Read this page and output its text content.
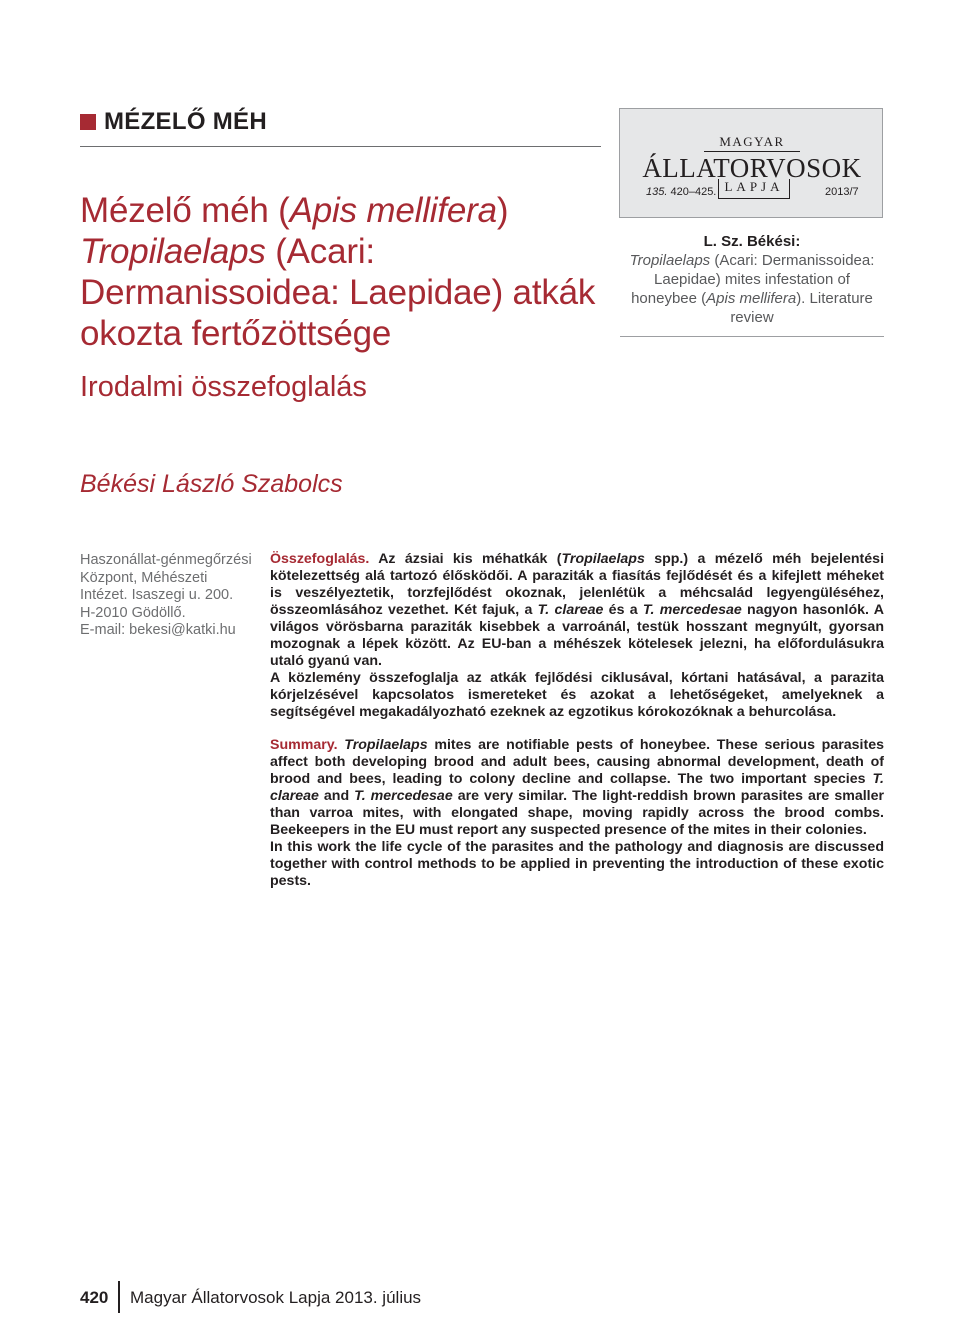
MÉZELŐ MÉH
Mézelő méh (Apis mellifera) Tropilaelaps (Acari: Dermanissoidea: Laepidae) atkák okozta fertőzöttsége
Irodalmi összefoglalás
Békési László Szabolcs
MAGYAR
ÁLLATORVOSOK
LAPJA
135. 420–425.	2013/7
L. Sz. Békési:
Tropilaelaps (Acari: Dermanissoidea: Laepidae) mites infestation of honeybee (Apis mellifera). Literature review
Haszonállat-génmegőrzési
Központ, Méhészeti
Intézet. Isaszegi u. 200.
H-2010 Gödöllő.
E-mail: bekesi@katki.hu

Összefoglalás. Az ázsiai kis méhatkák (Tropilaelaps spp.) a mézelő méh bejelentési kötelezettség alá tartozó élősködői. A paraziták a fiasítás fejlődését és a kifejlett méheket is veszélyeztetik, torzfejlődést okoznak, jelenlétük a méhcsalád legyengüléséhez, összeomlásához vezethet. Két fajuk, a T. clareae és a T. mercedesae nagyon hasonlók. A világos vörösbarna paraziták kisebbek a varroánál, testük hosszant megnyúlt, gyorsan mozognak a lépek között. Az EU-ban a méhészek kötelesek jelezni, ha előfordulásukra utaló gyanú van.

A közlemény összefoglalja az atkák fejlődési ciklusával, kórtani hatásával, a parazita kórjelzésével kapcsolatos ismereteket és azokat a lehetőségeket, amelyeknek a segítségével megakadályozható ezeknek az egzotikus kórokozóknak a behurcolása.

Summary. Tropilaelaps mites are notifiable pests of honeybee. These serious parasites affect both developing brood and adult bees, causing abnormal development, death of brood and bees, leading to colony decline and collapse. The two important species T. clareae and T. mercedesae are very similar. The light-reddish brown parasites are smaller than varroa mites, with elongated shape, moving rapidly across the brood combs. Beekeepers in the EU must report any suspected presence of the mites in their colonies.

In this work the life cycle of the parasites and the pathology and diagnosis are discussed together with control methods to be applied in preventing the introduction of these exotic pests.

420 Magyar Állatorvosok Lapja 2013. július
